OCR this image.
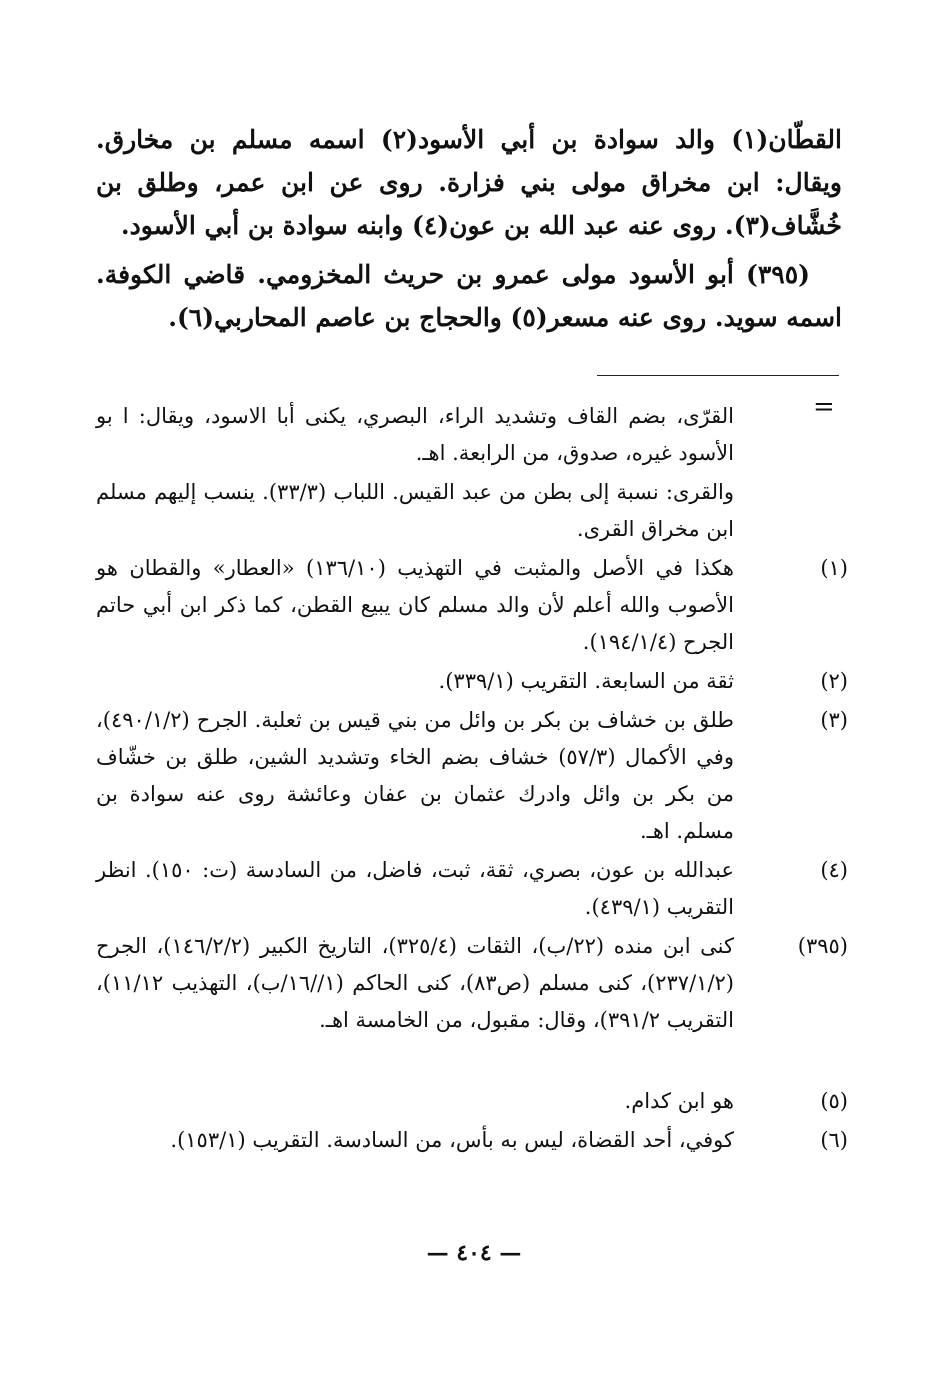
القطّان(١) والد سوادة بن أبي الأسود(٢) اسمه مسلم بن مخارق. ويقال: ابن مخراق مولى بني فزارة. روى عن ابن عمر، وطلق بن خُشَّاف(٣). روى عنه عبد الله بن عون(٤) وابنه سوادة بن أبي الأسود.

(٣٩٥) أبو الأسود مولى عمرو بن حريث المخزومي. قاضي الكوفة. اسمه سويد. روى عنه مسعر(٥) والحجاج بن عاصم المحاربي(٦).

=
القرّى، بضم القاف وتشديد الراء، البصري، يكنى أبا الاسود، ويقال: ا بو الأسود غيره، صدوق، من الرابعة. اهـ.
والقرى: نسبة إلى بطن من عبد القيس. اللباب (٣٣/٣). ينسب إليهم مسلم ابن مخراق القرى.
(١)
هكذا في الأصل والمثبت في التهذيب (١٣٦/١٠) «العطار» والقطان هو الأصوب والله أعلم لأن والد مسلم كان يبيع القطن، كما ذكر ابن أبي حاتم الجرح (١٩٤/١/٤).
(٢)
ثقة من السابعة. التقريب (٣٣٩/١).
(٣)
طلق بن خشاف بن بكر بن وائل من بني قيس بن ثعلبة. الجرح (٤٩٠/١/٢)، وفي الأكمال (٥٧/٣) خشاف بضم الخاء وتشديد الشين، طلق بن خشّاف من بكر بن وائل وادرك عثمان بن عفان وعائشة روى عنه سوادة بن مسلم. اهـ.
(٤)
عبدالله بن عون، بصري، ثقة، ثبت، فاضل، من السادسة (ت: ١٥٠). انظر التقريب (٤٣٩/١).
(٣٩٥)
كنى ابن منده (٢٢/ب)، الثقات (٣٢٥/٤)، التاريخ الكبير (١٤٦/٢/٢)، الجرح (٢٣٧/١/٢)، كنى مسلم (ص٨٣)، كنى الحاكم (١//١٦/ب)، التهذيب ١١/١٢)، التقريب ٣٩١/٢)، وقال: مقبول، من الخامسة اهـ.
(٥)
هو ابن كدام.
(٦)
كوفي، أحد القضاة، ليس به بأس، من السادسة. التقريب (١٥٣/١).
— ٤٠٤ —
